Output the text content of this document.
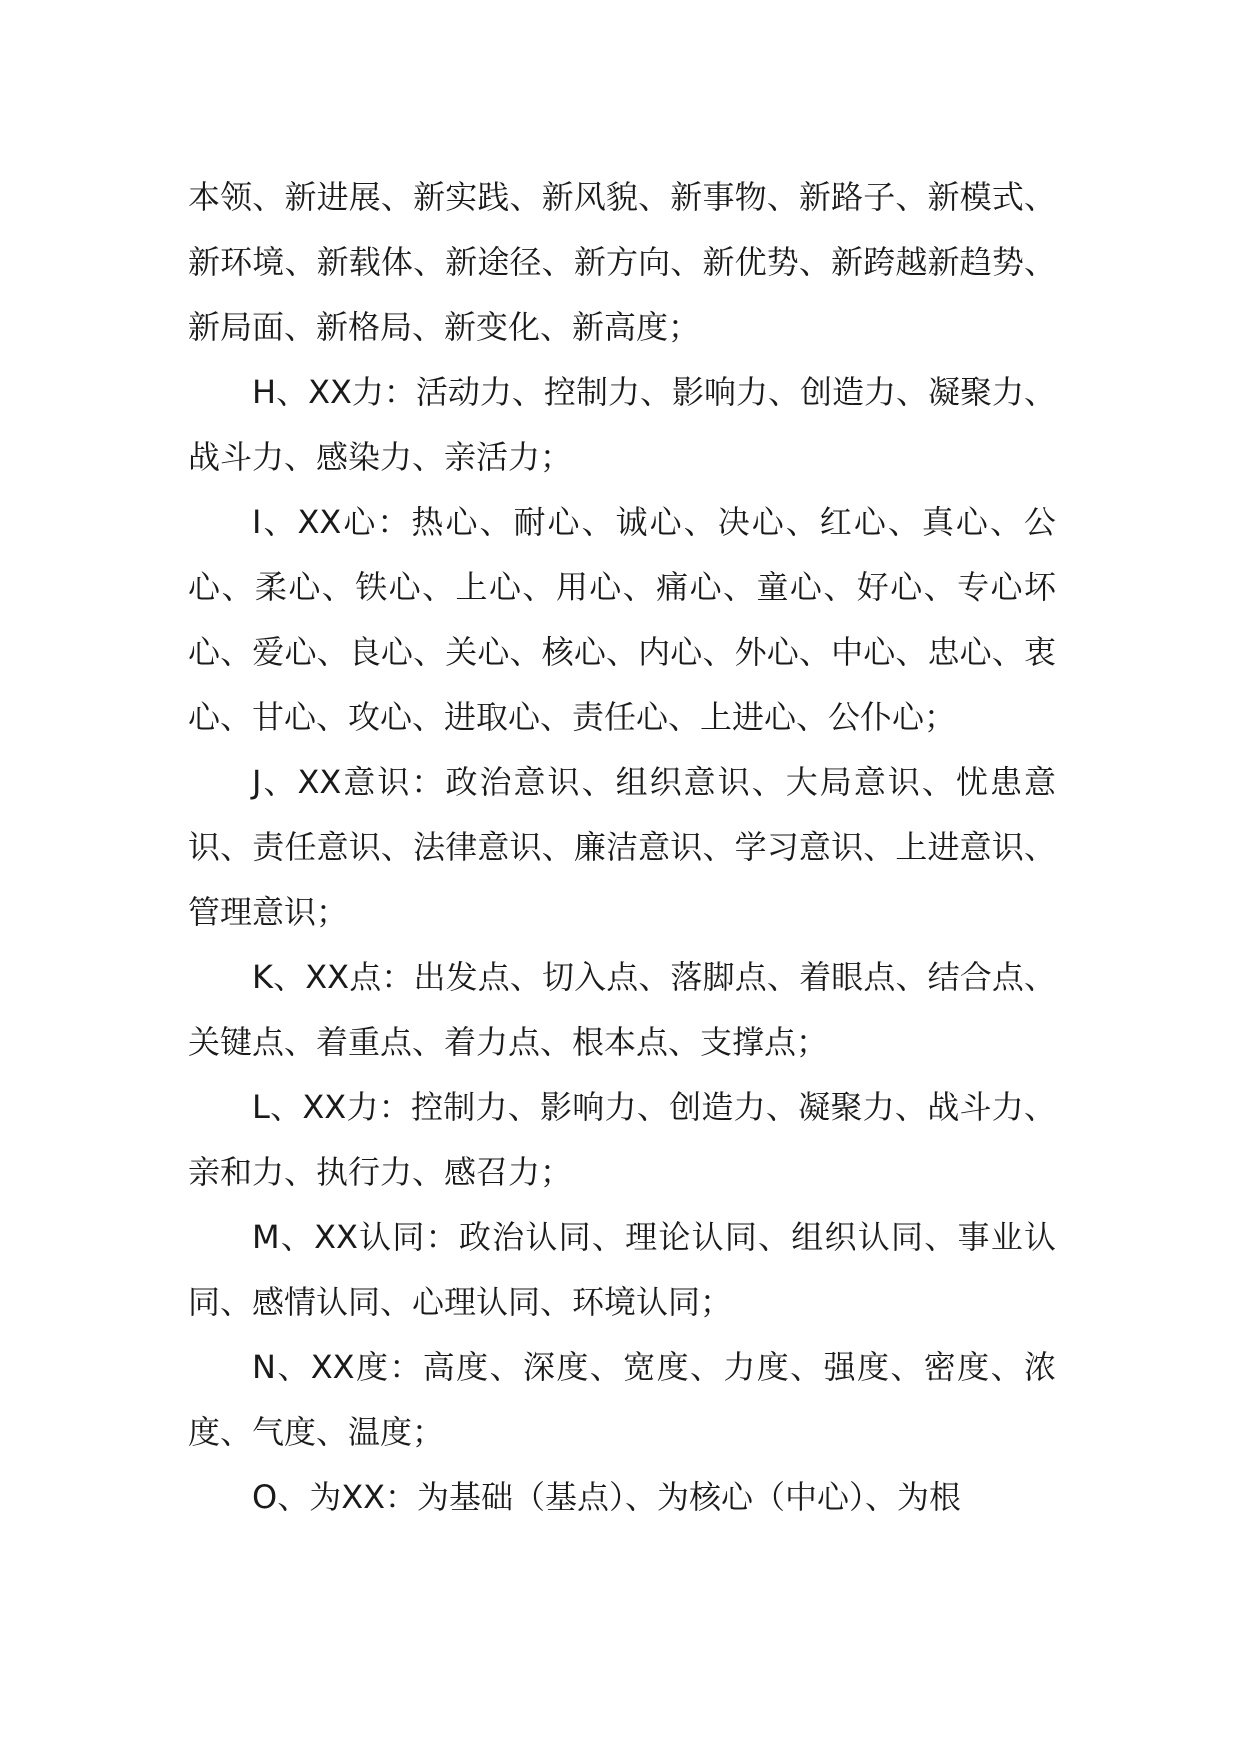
本领、新进展、新实践、新风貌、新事物、新路子、新模式、新环境、新载体、新途径、新方向、新优势、新跨越新趋势、新局面、新格局、新变化、新高度；

H、XX力：活动力、控制力、影响力、创造力、凝聚力、战斗力、感染力、亲活力；

I、XX心：热心、耐心、诚心、决心、红心、真心、公心、柔心、铁心、上心、用心、痛心、童心、好心、专心坏心、爱心、良心、关心、核心、内心、外心、中心、忠心、衷心、甘心、攻心、进取心、责任心、上进心、公仆心；

J、XX意识：政治意识、组织意识、大局意识、忧患意识、责任意识、法律意识、廉洁意识、学习意识、上进意识、管理意识；

K、XX点：出发点、切入点、落脚点、着眼点、结合点、关键点、着重点、着力点、根本点、支撑点；

L、XX力：控制力、影响力、创造力、凝聚力、战斗力、亲和力、执行力、感召力；

M、XX认同：政治认同、理论认同、组织认同、事业认同、感情认同、心理认同、环境认同；

N、XX度：高度、深度、宽度、力度、强度、密度、浓度、气度、温度；

O、为XX：为基础（基点）、为核心（中心）、为根
